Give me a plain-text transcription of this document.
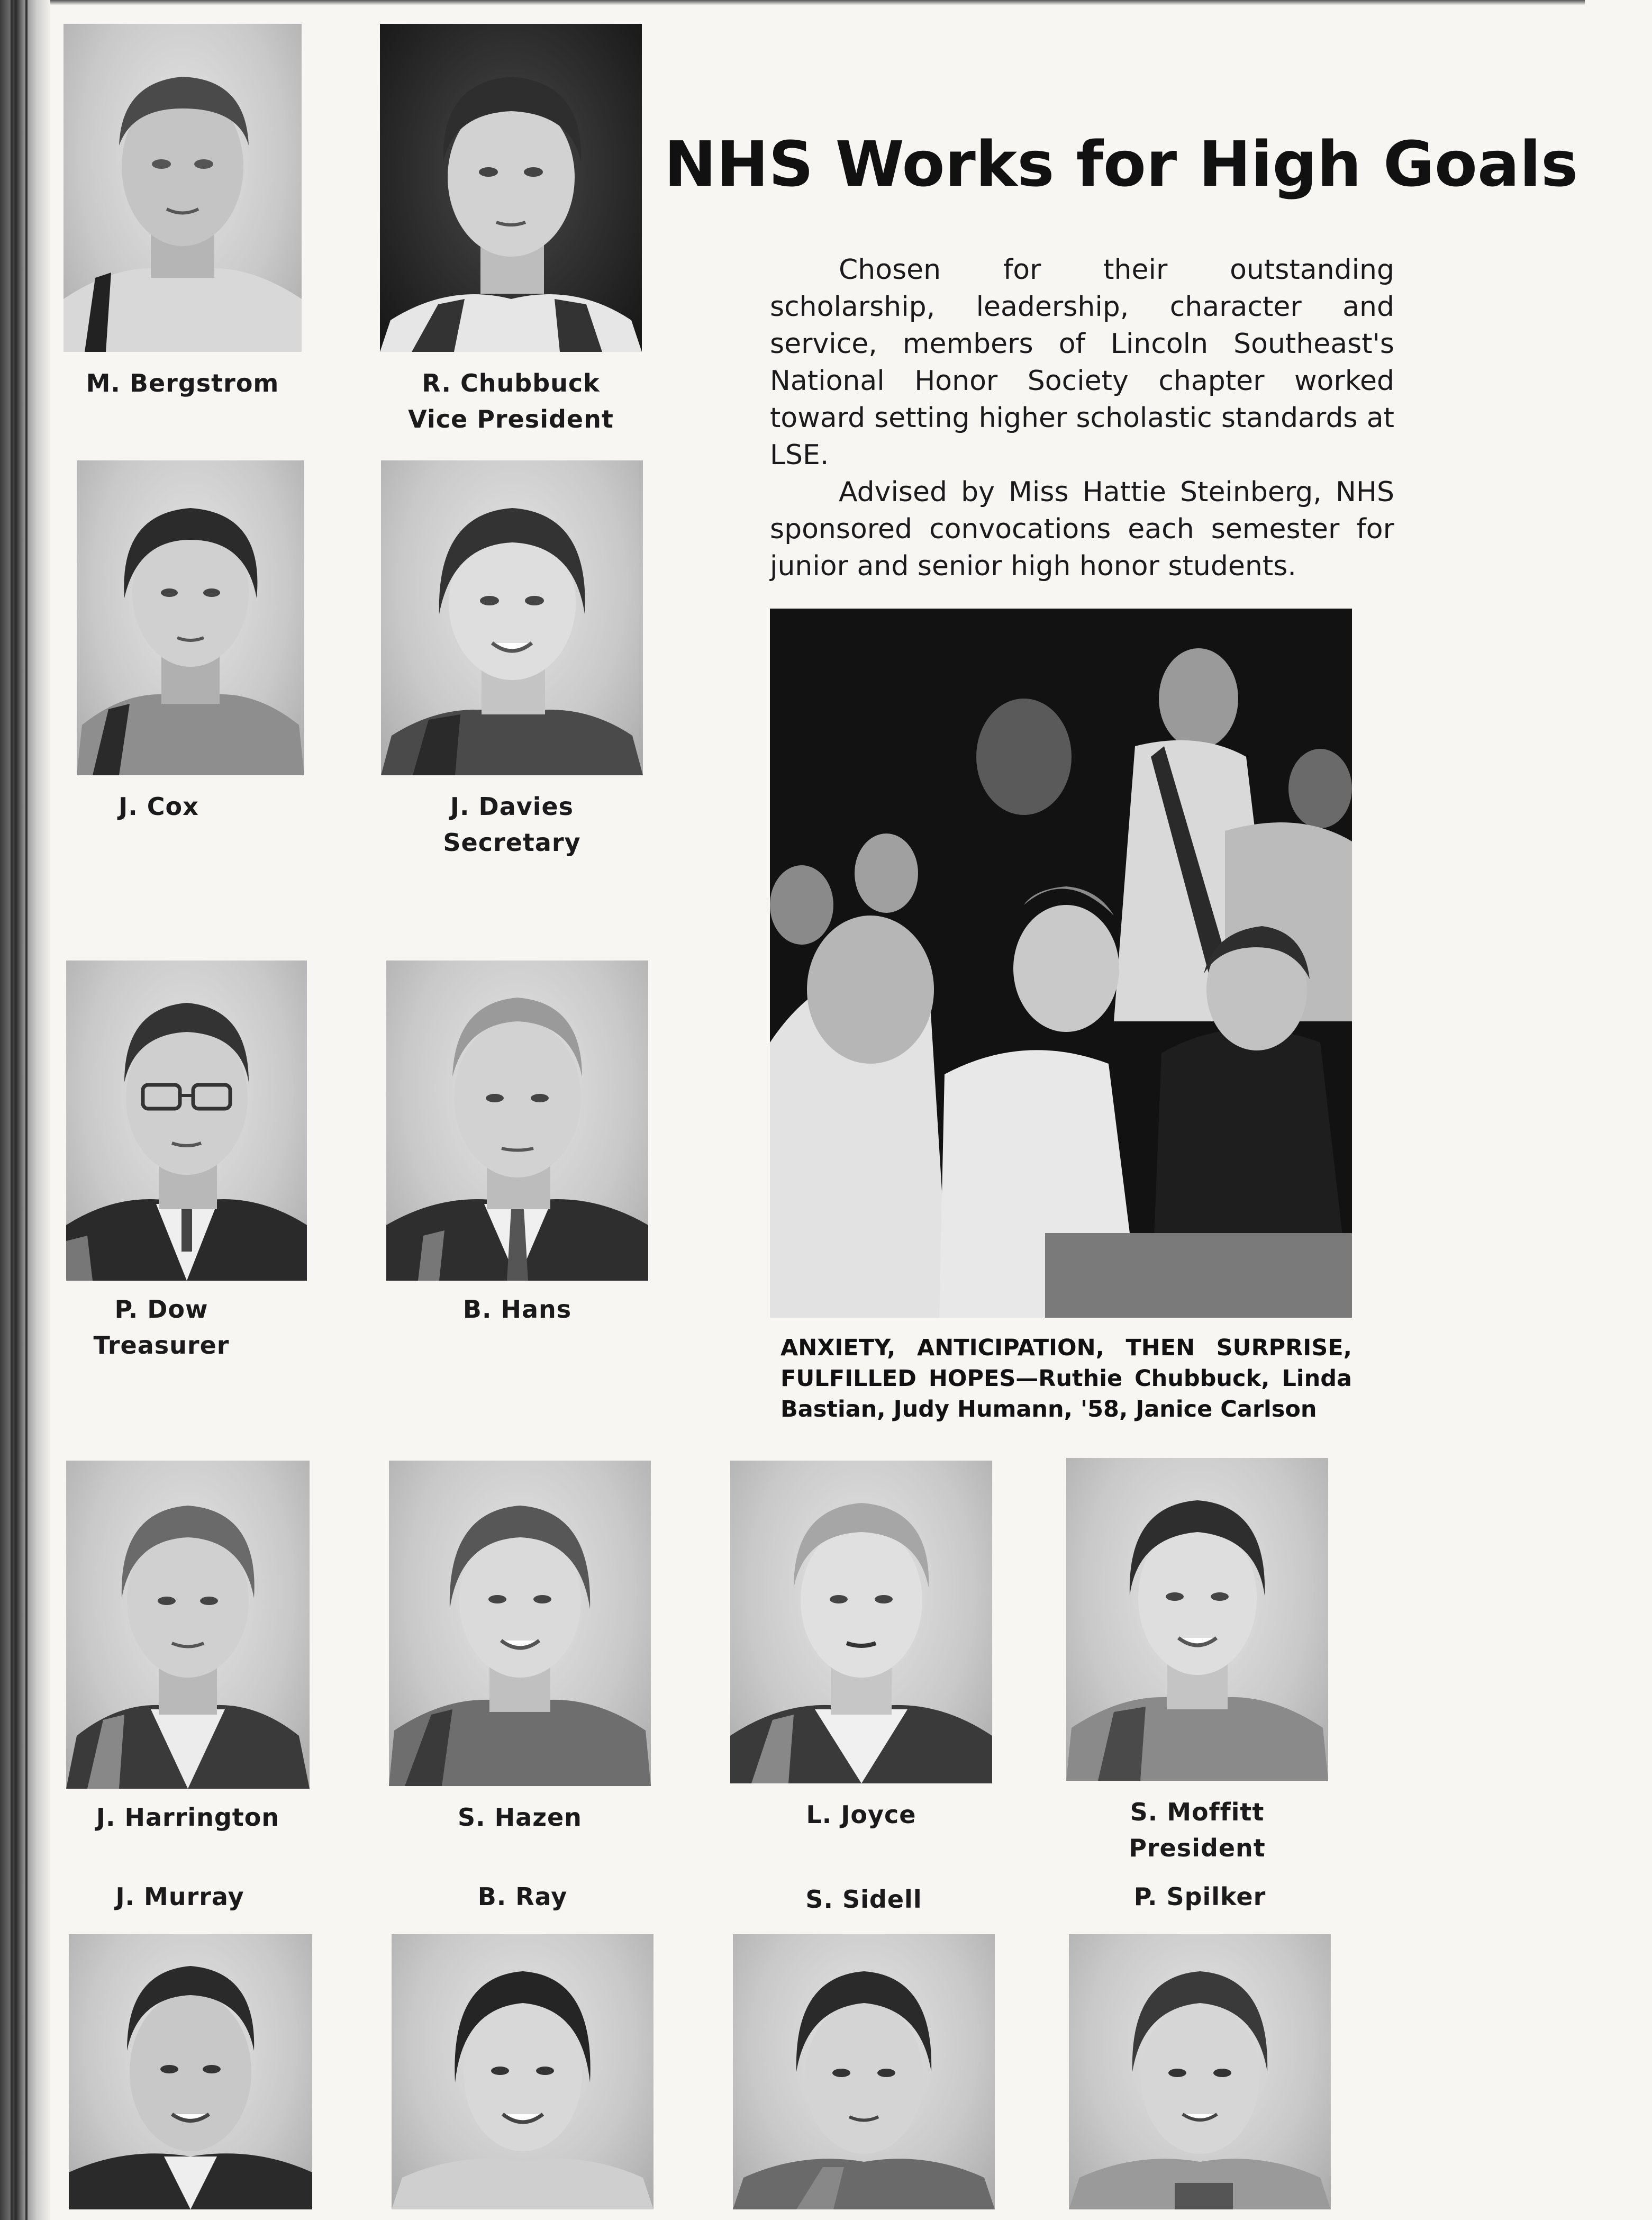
M. Bergstrom	R. Chubbuck
Vice President
J. Cox	J. Davies
Secretary
P. Dow
Treasurer
B. Hans
J. Harrington	S. Hazen	L. Joyce	S. Moffitt
President
J. Murray	B. Ray	S. Sidell	P. Spilker
NHS Works for High Goals

Chosen for their outstanding scholarship, leadership, character and service, members of Lincoln Southeast's National Honor Society chapter worked toward setting higher scholastic standards at LSE.

Advised by Miss Hattie Steinberg, NHS sponsored convocations each semester for junior and senior high honor students.

ANXIETY, ANTICIPATION, THEN SURPRISE, FULFILLED HOPES—Ruthie Chubbuck, Linda Bastian, Judy Humann, '58, Janice Carlson
